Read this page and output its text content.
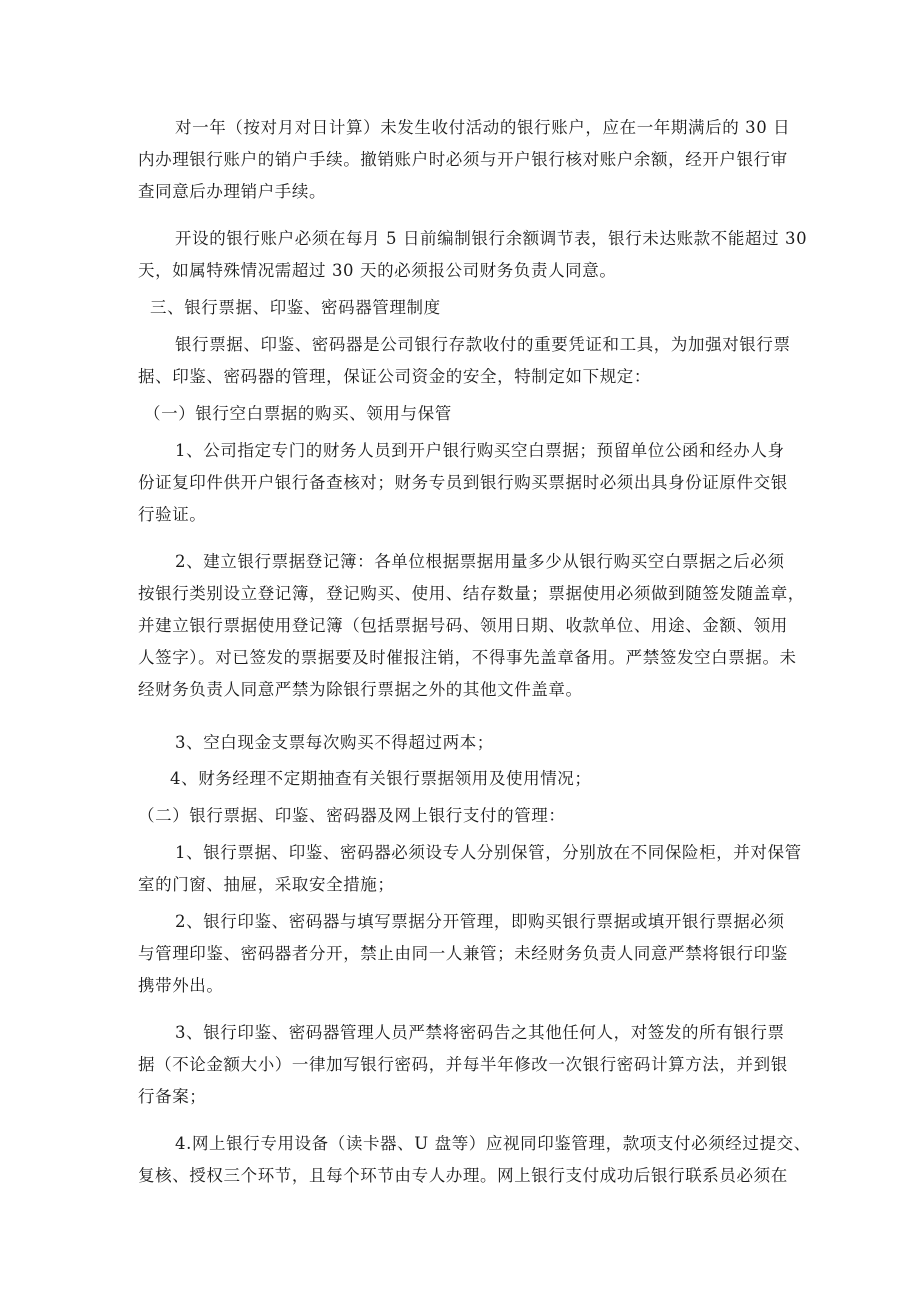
对一年（按对月对日计算）未发生收付活动的银行账户，应在一年期满后的 30 日
内办理银行账户的销户手续。撤销账户时必须与开户银行核对账户余额，经开户银行审
查同意后办理销户手续。
开设的银行账户必须在每月 5 日前编制银行余额调节表，银行未达账款不能超过 30
天，如属特殊情况需超过 30 天的必须报公司财务负责人同意。
三、银行票据、印鉴、密码器管理制度
银行票据、印鉴、密码器是公司银行存款收付的重要凭证和工具，为加强对银行票
据、印鉴、密码器的管理，保证公司资金的安全，特制定如下规定：
（一）银行空白票据的购买、领用与保管
1、公司指定专门的财务人员到开户银行购买空白票据；预留单位公函和经办人身
份证复印件供开户银行备查核对；财务专员到银行购买票据时必须出具身份证原件交银
行验证。
2、建立银行票据登记簿：各单位根据票据用量多少从银行购买空白票据之后必须
按银行类别设立登记簿，登记购买、使用、结存数量；票据使用必须做到随签发随盖章，
并建立银行票据使用登记簿（包括票据号码、领用日期、收款单位、用途、金额、领用
人签字）。对已签发的票据要及时催报注销，不得事先盖章备用。严禁签发空白票据。未
经财务负责人同意严禁为除银行票据之外的其他文件盖章。
3、空白现金支票每次购买不得超过两本；
4、财务经理不定期抽查有关银行票据领用及使用情况；
（二）银行票据、印鉴、密码器及网上银行支付的管理：
1、银行票据、印鉴、密码器必须设专人分别保管，分别放在不同保险柜，并对保管
室的门窗、抽屉，采取安全措施；
2、银行印鉴、密码器与填写票据分开管理，即购买银行票据或填开银行票据必须
与管理印鉴、密码器者分开，禁止由同一人兼管；未经财务负责人同意严禁将银行印鉴
携带外出。
3、银行印鉴、密码器管理人员严禁将密码告之其他任何人，对签发的所有银行票
据（不论金额大小）一律加写银行密码，并每半年修改一次银行密码计算方法，并到银
行备案；
4.网上银行专用设备（读卡器、U 盘等）应视同印鉴管理，款项支付必须经过提交、
复核、授权三个环节，且每个环节由专人办理。网上银行支付成功后银行联系员必须在
